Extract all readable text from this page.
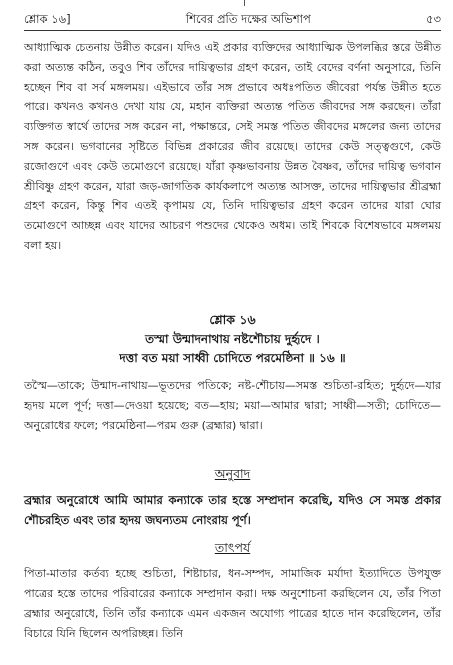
শ্লোক ১৬]	শিবের প্রতি দক্ষের অভিশাপ	৫৩

আধ্যাত্মিক চেতনায় উন্নীত করেন। যদিও এই প্রকার ব্যক্তিদের আধ্যাত্মিক উপলব্ধির স্তরে উন্নীত করা অত্যন্ত কঠিন, তবুও শিব তাঁদের দায়িত্বভার গ্রহণ করেন, তাই বেদের বর্ণনা অনুসারে, তিনি হচ্ছেন শিব বা সর্ব মঙ্গলময়। এইভাবে তাঁর সঙ্গ প্রভাবে অধঃপতিত জীবেরা পর্যন্ত উন্নীত হতে পারে। কখনও কখনও দেখা যায় যে, মহান ব্যক্তিরা অত্যন্ত পতিত জীবদের সঙ্গ করছেন। তাঁরা ব্যক্তিগত স্বার্থে তাদের সঙ্গ করেন না, পক্ষান্তরে, সেই সমস্ত পতিত জীবদের মঙ্গলের জন্য তাদের সঙ্গ করেন। ভগবানের সৃষ্টিতে বিভিন্ন প্রকারের জীব রয়েছে। তাদের কেউ সত্ত্বগুণে, কেউ রজোগুণে এবং কেউ তমোগুণে রয়েছে। যাঁরা কৃষ্ণভাবনায় উন্নত বৈষ্ণব, তাঁদের দায়িত্ব ভগবান শ্রীবিষ্ণু গ্রহণ করেন, যারা জড়-জাগতিক কার্যকলাপে অত্যন্ত আসক্ত, তাদের দায়িত্বভার শ্রীব্রহ্মা গ্রহণ করেন, কিন্তু শিব এতই কৃপাময় যে, তিনি দায়িত্বভার গ্রহণ করেন তাদের যারা ঘোর তমোগুণে আচ্ছন্ন এবং যাদের আচরণ পশুদের থেকেও অধম। তাই শিবকে বিশেষভাবে মঙ্গলময় বলা হয়।

শ্লোক ১৬
তস্মা উন্মাদনাথায় নষ্টশৌচায় দুর্হৃদে ।
দত্তা বত ময়া সাধ্বী চোদিতে পরমেষ্ঠিনা ॥ ১৬ ॥
তস্মৈ—তাকে; উন্মাদ-নাথায়—ভূতদের পতিকে; নষ্ট-শৌচায়—সমস্ত শুচিতা-রহিত; দুর্হৃদে—যার হৃদয় মলে পূর্ণ; দত্তা—দেওয়া হয়েছে; বত—হায়; ময়া—আমার দ্বারা; সাধ্বী—সতী; চোদিতে—অনুরোধের ফলে; পরমেষ্ঠিনা—পরম গুরু (ব্রহ্মার) দ্বারা।
অনুবাদ
ব্রহ্মার অনুরোধে আমি আমার কন্যাকে তার হস্তে সম্প্রদান করেছি, যদিও সে সমস্ত প্রকার শৌচরহিত এবং তার হৃদয় জঘন্যতম নোংরায় পূর্ণ।
তাৎপর্য
পিতা-মাতার কর্তব্য হচ্ছে শুচিতা, শিষ্টাচার, ধন-সম্পদ, সামাজিক মর্যাদা ইত্যাদিতে উপযুক্ত পাত্রের হস্তে তাদের পরিবারের কন্যাকে সম্প্রদান করা। দক্ষ অনুশোচনা করছিলেন যে, তাঁর পিতা ব্রহ্মার অনুরোধে, তিনি তাঁর কন্যাকে এমন একজন অযোগ্য পাত্রের হাতে দান করেছিলেন, তাঁর বিচারে যিনি ছিলেন অপরিচ্ছন্ন। তিনি
